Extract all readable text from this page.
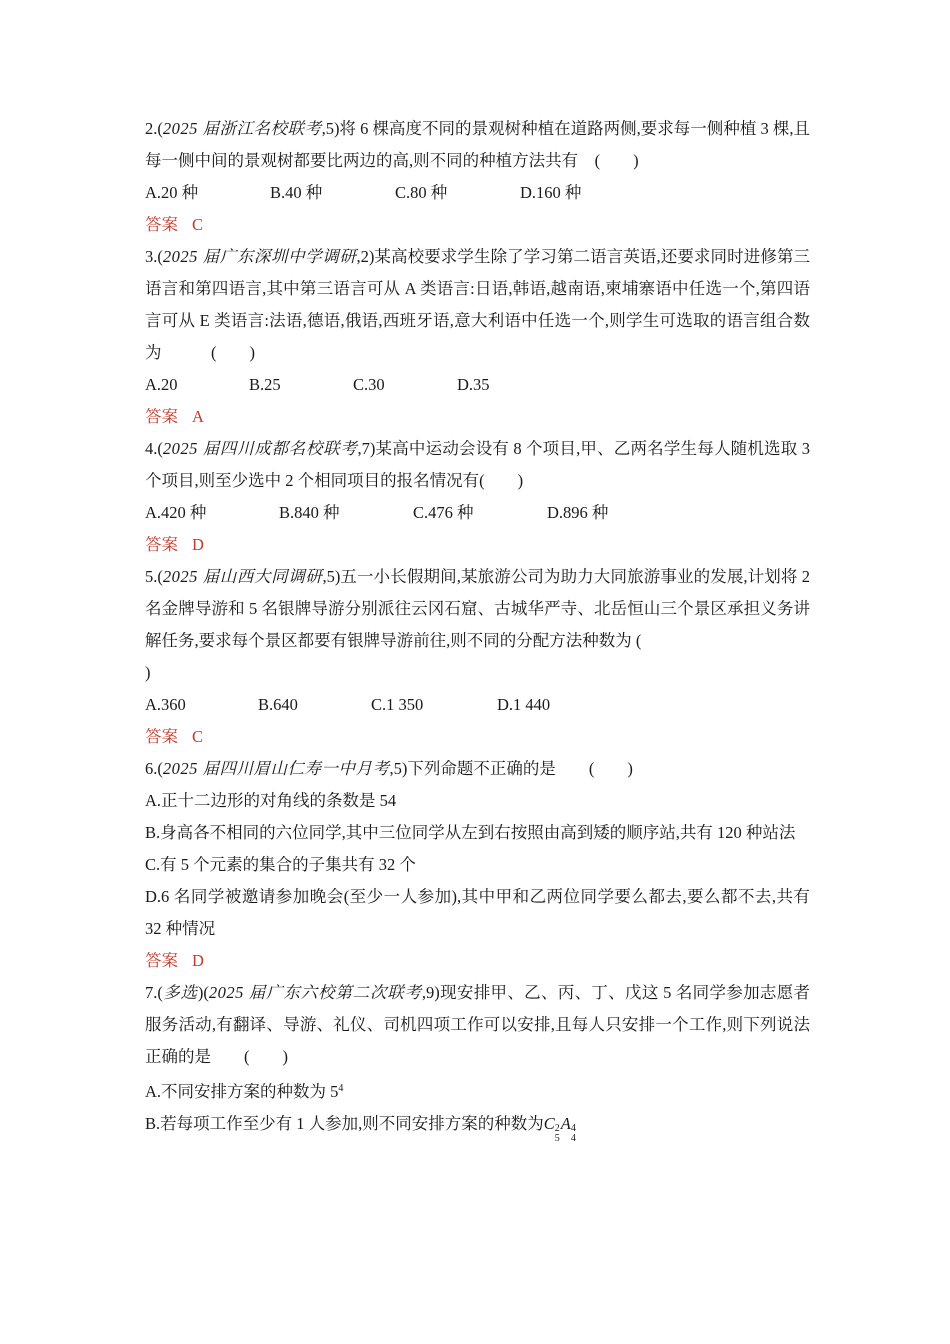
2.(2025 届浙江名校联考,5)将 6 棵高度不同的景观树种植在道路两侧,要求每一侧种植 3 棵,且每一侧中间的景观树都要比两边的高,则不同的种植方法共有　(　　)

A.20 种	B.40 种	C.80 种	D.160 种
答案 C

3.(2025 届广东深圳中学调研,2)某高校要求学生除了学习第二语言英语,还要求同时进修第三语言和第四语言,其中第三语言可从 A 类语言:日语,韩语,越南语,柬埔寨语中任选一个,第四语言可从 E 类语言:法语,德语,俄语,西班牙语,意大利语中任选一个,则学生可选取的语言组合数为　　　(　　)

A.20	B.25	C.30	D.35
答案 A

4.(2025 届四川成都名校联考,7)某高中运动会设有 8 个项目,甲、乙两名学生每人随机选取 3 个项目,则至少选中 2 个相同项目的报名情况有(　　)

A.420 种	B.840 种	C.476 种	D.896 种
答案 D

5.(2025 届山西大同调研,5)五一小长假期间,某旅游公司为助力大同旅游事业的发展,计划将 2 名金牌导游和 5 名银牌导游分别派往云冈石窟、古城华严寺、北岳恒山三个景区承担义务讲解任务,要求每个景区都要有银牌导游前往,则不同的分配方法种数为 (
)

A.360	B.640	C.1 350	D.1 440
答案 C

6.(2025 届四川眉山仁寿一中月考,5)下列命题不正确的是　　(　　)

A.正十二边形的对角线的条数是 54

B.身高各不相同的六位同学,其中三位同学从左到右按照由高到矮的顺序站,共有 120 种站法

C.有 5 个元素的集合的子集共有 32 个

D.6 名同学被邀请参加晚会(至少一人参加),其中甲和乙两位同学要么都去,要么都不去,共有 32 种情况

答案 D

7.(多选)(2025 届广东六校第二次联考,9)现安排甲、乙、丙、丁、戊这 5 名同学参加志愿者服务活动,有翻译、导游、礼仪、司机四项工作可以安排,且每人只安排一个工作,则下列说法正确的是　　(　　)

A.不同安排方案的种数为 $5^4$
B.若每项工作至少有 1 人参加,则不同安排方案的种数为C 2
5
A 4
4
